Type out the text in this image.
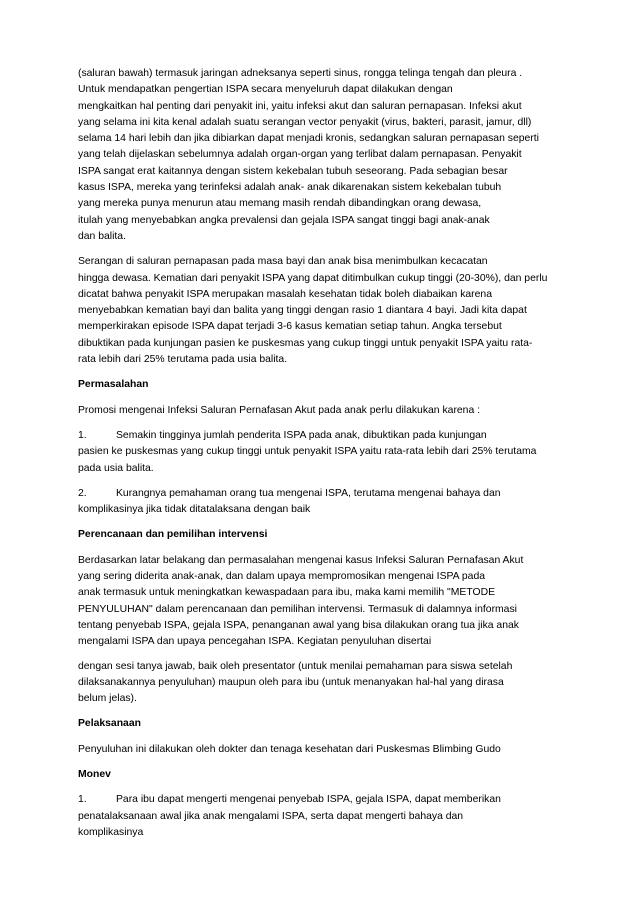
(saluran bawah) termasuk jaringan adneksanya seperti sinus, rongga telinga tengah dan pleura .
Untuk mendapatkan pengertian ISPA secara menyeluruh dapat dilakukan dengan
mengkaitkan hal penting dari penyakit ini, yaitu infeksi akut dan saluran pernapasan. Infeksi akut
yang selama ini kita kenal adalah suatu serangan vector penyakit (virus, bakteri, parasit, jamur, dll)
selama 14 hari lebih dan jika dibiarkan dapat menjadi kronis, sedangkan saluran pernapasan seperti
yang telah dijelaskan sebelumnya adalah organ-organ yang terlibat dalam pernapasan. Penyakit
ISPA sangat erat kaitannya dengan sistem kekebalan tubuh seseorang. Pada sebagian besar
kasus ISPA, mereka yang terinfeksi adalah anak- anak dikarenakan sistem kekebalan tubuh
yang mereka punya menurun atau memang masih rendah dibandingkan orang dewasa,
itulah yang menyebabkan angka prevalensi dan gejala ISPA sangat tinggi bagi anak-anak
dan balita.

Serangan di saluran pernapasan pada masa bayi dan anak bisa menimbulkan kecacatan
hingga dewasa. Kematian dari penyakit ISPA yang dapat ditimbulkan cukup tinggi (20-30%), dan perlu
dicatat bahwa penyakit ISPA merupakan masalah kesehatan tidak boleh diabaikan karena
menyebabkan kematian bayi dan balita yang tinggi dengan rasio 1 diantara 4 bayi. Jadi kita dapat
memperkirakan episode ISPA dapat terjadi 3-6 kasus kematian setiap tahun. Angka tersebut
dibuktikan pada kunjungan pasien ke puskesmas yang cukup tinggi untuk penyakit ISPA yaitu rata-
rata lebih dari 25% terutama pada usia balita.

Permasalahan

Promosi mengenai Infeksi Saluran Pernafasan Akut pada anak perlu dilakukan karena :

1.	Semakin tingginya jumlah penderita ISPA pada anak, dibuktikan pada kunjungan
pasien ke puskesmas yang cukup tinggi untuk penyakit ISPA yaitu rata-rata lebih dari 25% terutama
pada usia balita.

2.	Kurangnya pemahaman orang tua mengenai ISPA, terutama mengenai bahaya dan
komplikasinya jika tidak ditatalaksana dengan baik

Perencanaan dan pemilihan intervensi

Berdasarkan latar belakang dan permasalahan mengenai kasus Infeksi Saluran Pernafasan Akut
yang sering diderita anak-anak, dan dalam upaya mempromosikan mengenai ISPA pada
anak termasuk untuk meningkatkan kewaspadaan para ibu, maka kami memilih "METODE
PENYULUHAN" dalam perencanaan dan pemilihan intervensi. Termasuk di dalamnya informasi
tentang penyebab ISPA, gejala ISPA, penanganan awal yang bisa dilakukan orang tua jika anak
mengalami ISPA dan upaya pencegahan ISPA. Kegiatan penyuluhan disertai

dengan sesi tanya jawab, baik oleh presentator (untuk menilai pemahaman para siswa setelah
dilaksanakannya penyuluhan) maupun oleh para ibu (untuk menanyakan hal-hal yang dirasa
belum jelas).

Pelaksanaan

Penyuluhan ini dilakukan oleh dokter dan tenaga kesehatan dari Puskesmas Blimbing Gudo

Monev

1.	Para ibu dapat mengerti mengenai penyebab ISPA, gejala ISPA, dapat memberikan
penatalaksanaan awal jika anak mengalami ISPA, serta dapat mengerti bahaya dan
komplikasinya
